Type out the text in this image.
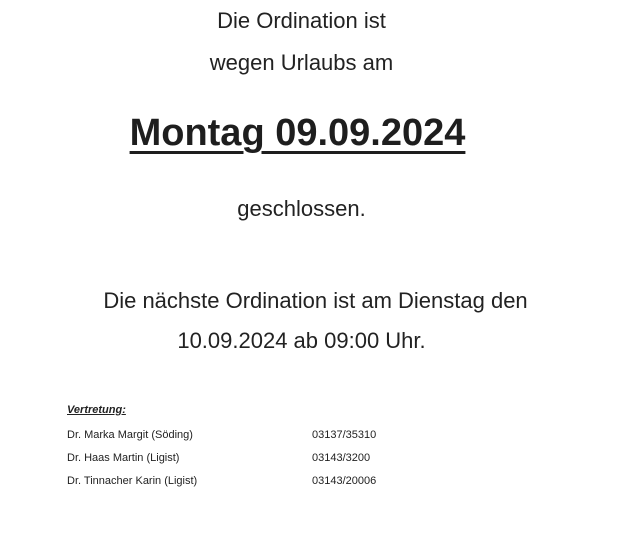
Die Ordination ist
wegen Urlaubs am
Montag 09.09.2024
geschlossen.
Die nächste Ordination ist am Dienstag den
10.09.2024 ab 09:00 Uhr.
Vertretung:
Dr. Marka Margit (Söding)	03137/35310
Dr. Haas Martin (Ligist)	03143/3200
Dr. Tinnacher Karin (Ligist)	03143/20006
